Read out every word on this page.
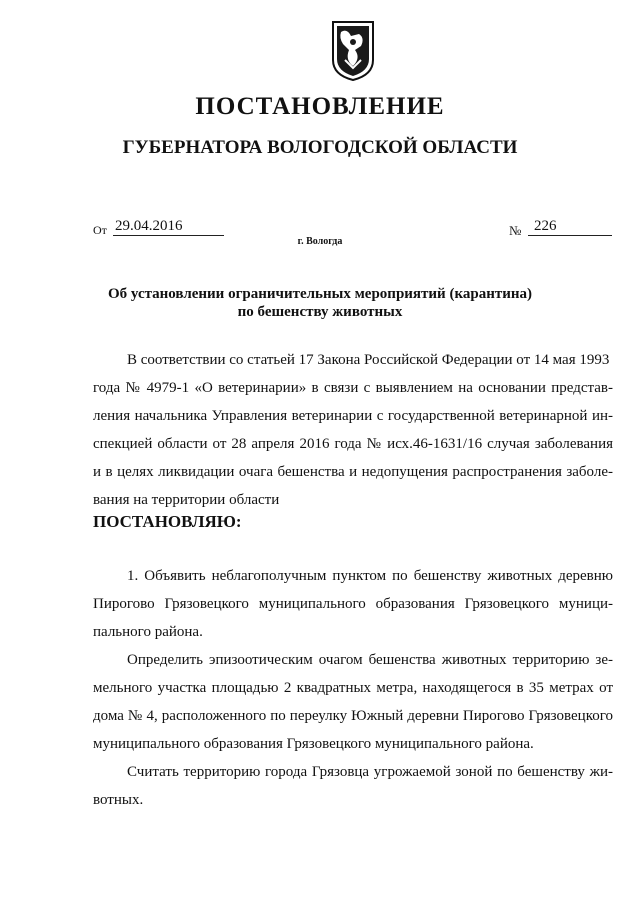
ПОСТАНОВЛЕНИЕ
ГУБЕРНАТОРА ВОЛОГОДСКОЙ ОБЛАСТИ
От 29.04.2016	№ 226
г. Вологда
Об установлении ограничительных мероприятий (карантина)
по бешенству животных
В соответствии со статьей 17 Закона Российской Федерации от 14 мая 1993
года № 4979-1 «О ветеринарии» в связи с выявлением на основании представ-
ления начальника Управления ветеринарии с государственной ветеринарной ин-
спекцией области от 28 апреля 2016 года № исх.46-1631/16 случая заболевания
и в целях ликвидации очага бешенства и недопущения распространения заболе-
вания на территории области
ПОСТАНОВЛЯЮ:
1. Объявить неблагополучным пунктом по бешенству животных деревню
Пирогово Грязовецкого муниципального образования Грязовецкого муници-
пального района.
Определить эпизоотическим очагом бешенства животных территорию зе-
мельного участка площадью 2 квадратных метра, находящегося в 35 метрах от
дома № 4, расположенного по переулку Южный деревни Пирогово Грязовецкого
муниципального образования Грязовецкого муниципального района.
Считать территорию города Грязовца угрожаемой зоной по бешенству жи-
вотных.
